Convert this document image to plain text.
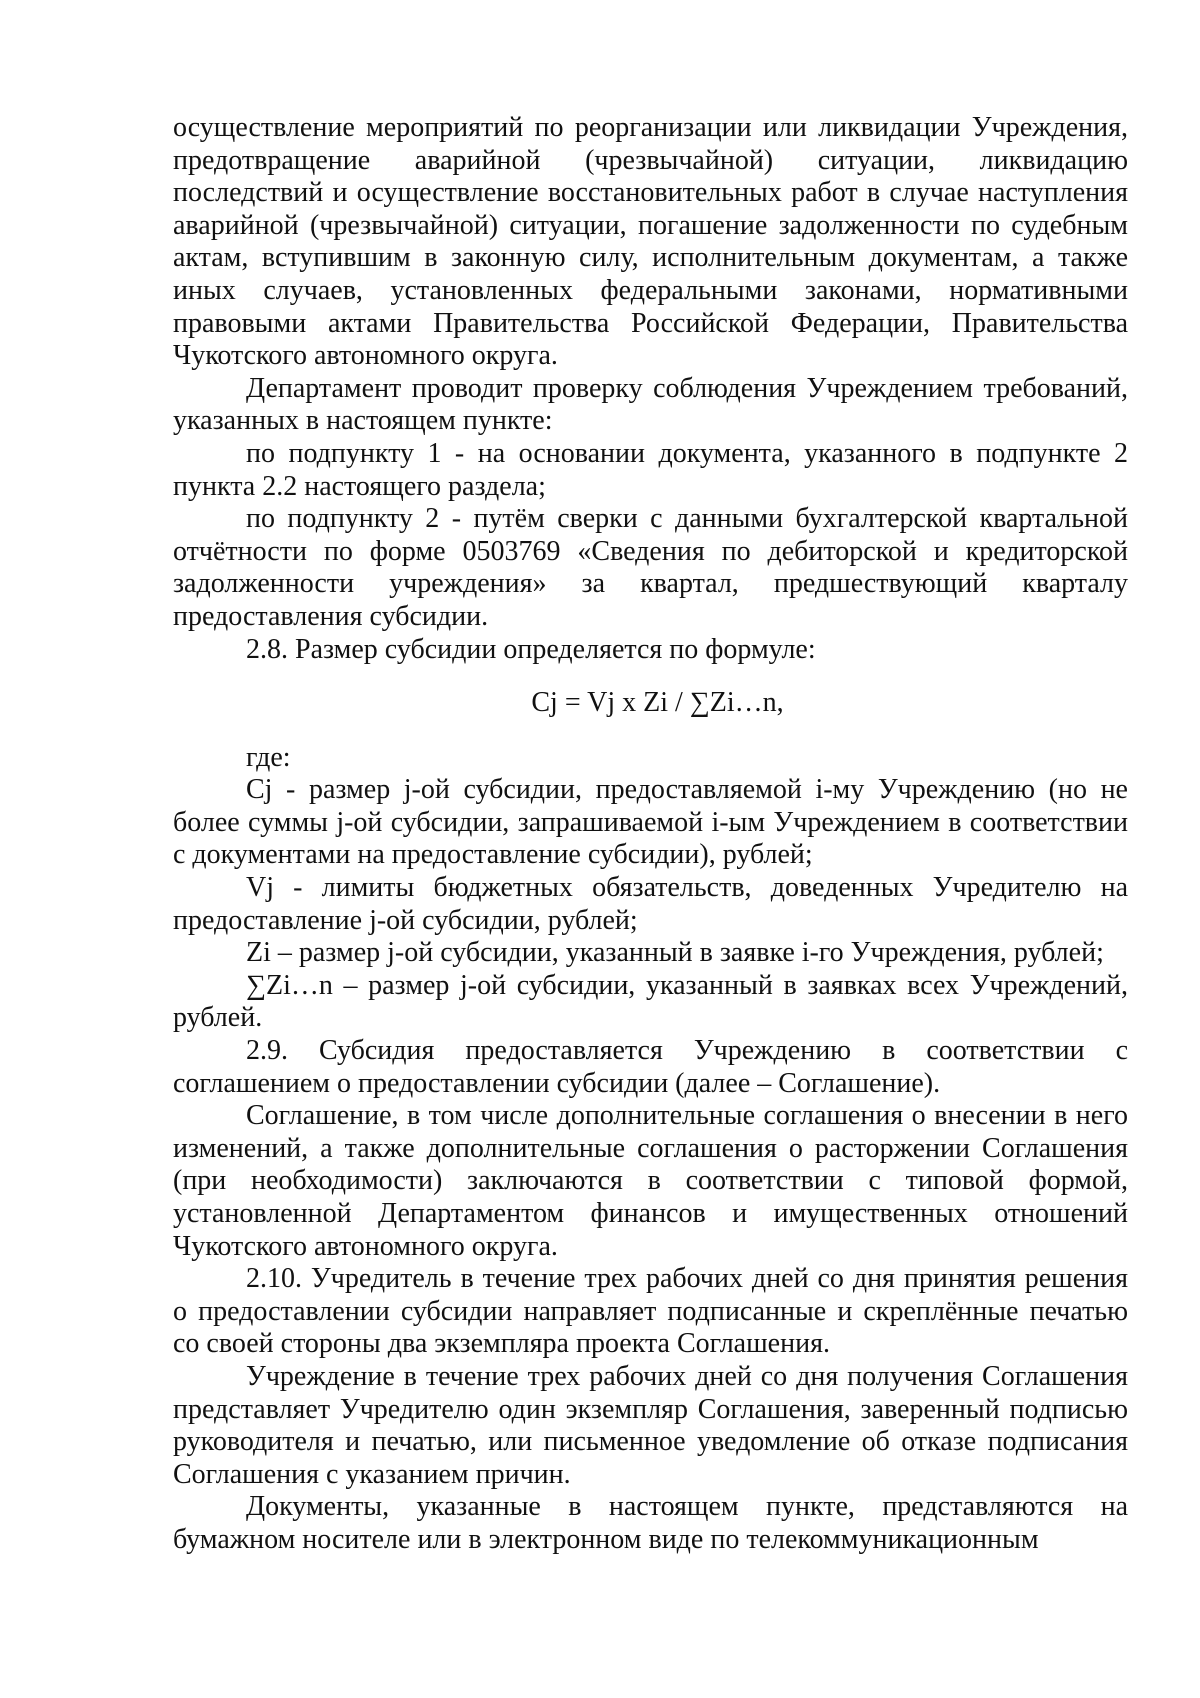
осуществление мероприятий по реорганизации или ликвидации Учреждения, предотвращение аварийной (чрезвычайной) ситуации, ликвидацию последствий и осуществление восстановительных работ в случае наступления аварийной (чрезвычайной) ситуации, погашение задолженности по судебным актам, вступившим в законную силу, исполнительным документам, а также иных случаев, установленных федеральными законами, нормативными правовыми актами Правительства Российской Федерации, Правительства Чукотского автономного округа.

Департамент проводит проверку соблюдения Учреждением требований, указанных в настоящем пункте:

по подпункту 1 - на основании документа, указанного в подпункте 2 пункта 2.2 настоящего раздела;

по подпункту 2 - путём сверки с данными бухгалтерской квартальной отчётности по форме 0503769 «Сведения по дебиторской и кредиторской задолженности учреждения» за квартал, предшествующий кварталу предоставления субсидии.

2.8. Размер субсидии определяется по формуле:

Cj = Vj x Zi / ∑Zi…n,

где:

Cj - размер j-ой субсидии, предоставляемой i-му Учреждению (но не более суммы j-ой субсидии, запрашиваемой i-ым Учреждением в соответствии с документами на предоставление субсидии), рублей;

Vj - лимиты бюджетных обязательств, доведенных Учредителю на предоставление j-ой субсидии, рублей;

Zi – размер j-ой субсидии, указанный в заявке i-го Учреждения, рублей;

∑Zi…n – размер j-ой субсидии, указанный в заявках всех Учреждений, рублей.

2.9. Субсидия предоставляется Учреждению в соответствии с соглашением о предоставлении субсидии (далее – Соглашение).

Соглашение, в том числе дополнительные соглашения о внесении в него изменений, а также дополнительные соглашения о расторжении Соглашения (при необходимости) заключаются в соответствии с типовой формой, установленной Департаментом финансов и имущественных отношений Чукотского автономного округа.

2.10. Учредитель в течение трех рабочих дней со дня принятия решения о предоставлении субсидии направляет подписанные и скреплённые печатью со своей стороны два экземпляра проекта Соглашения.

Учреждение в течение трех рабочих дней со дня получения Соглашения представляет Учредителю один экземпляр Соглашения, заверенный подписью руководителя и печатью, или письменное уведомление об отказе подписания Соглашения с указанием причин.

Документы, указанные в настоящем пункте, представляются на бумажном носителе или в электронном виде по телекоммуникационным
